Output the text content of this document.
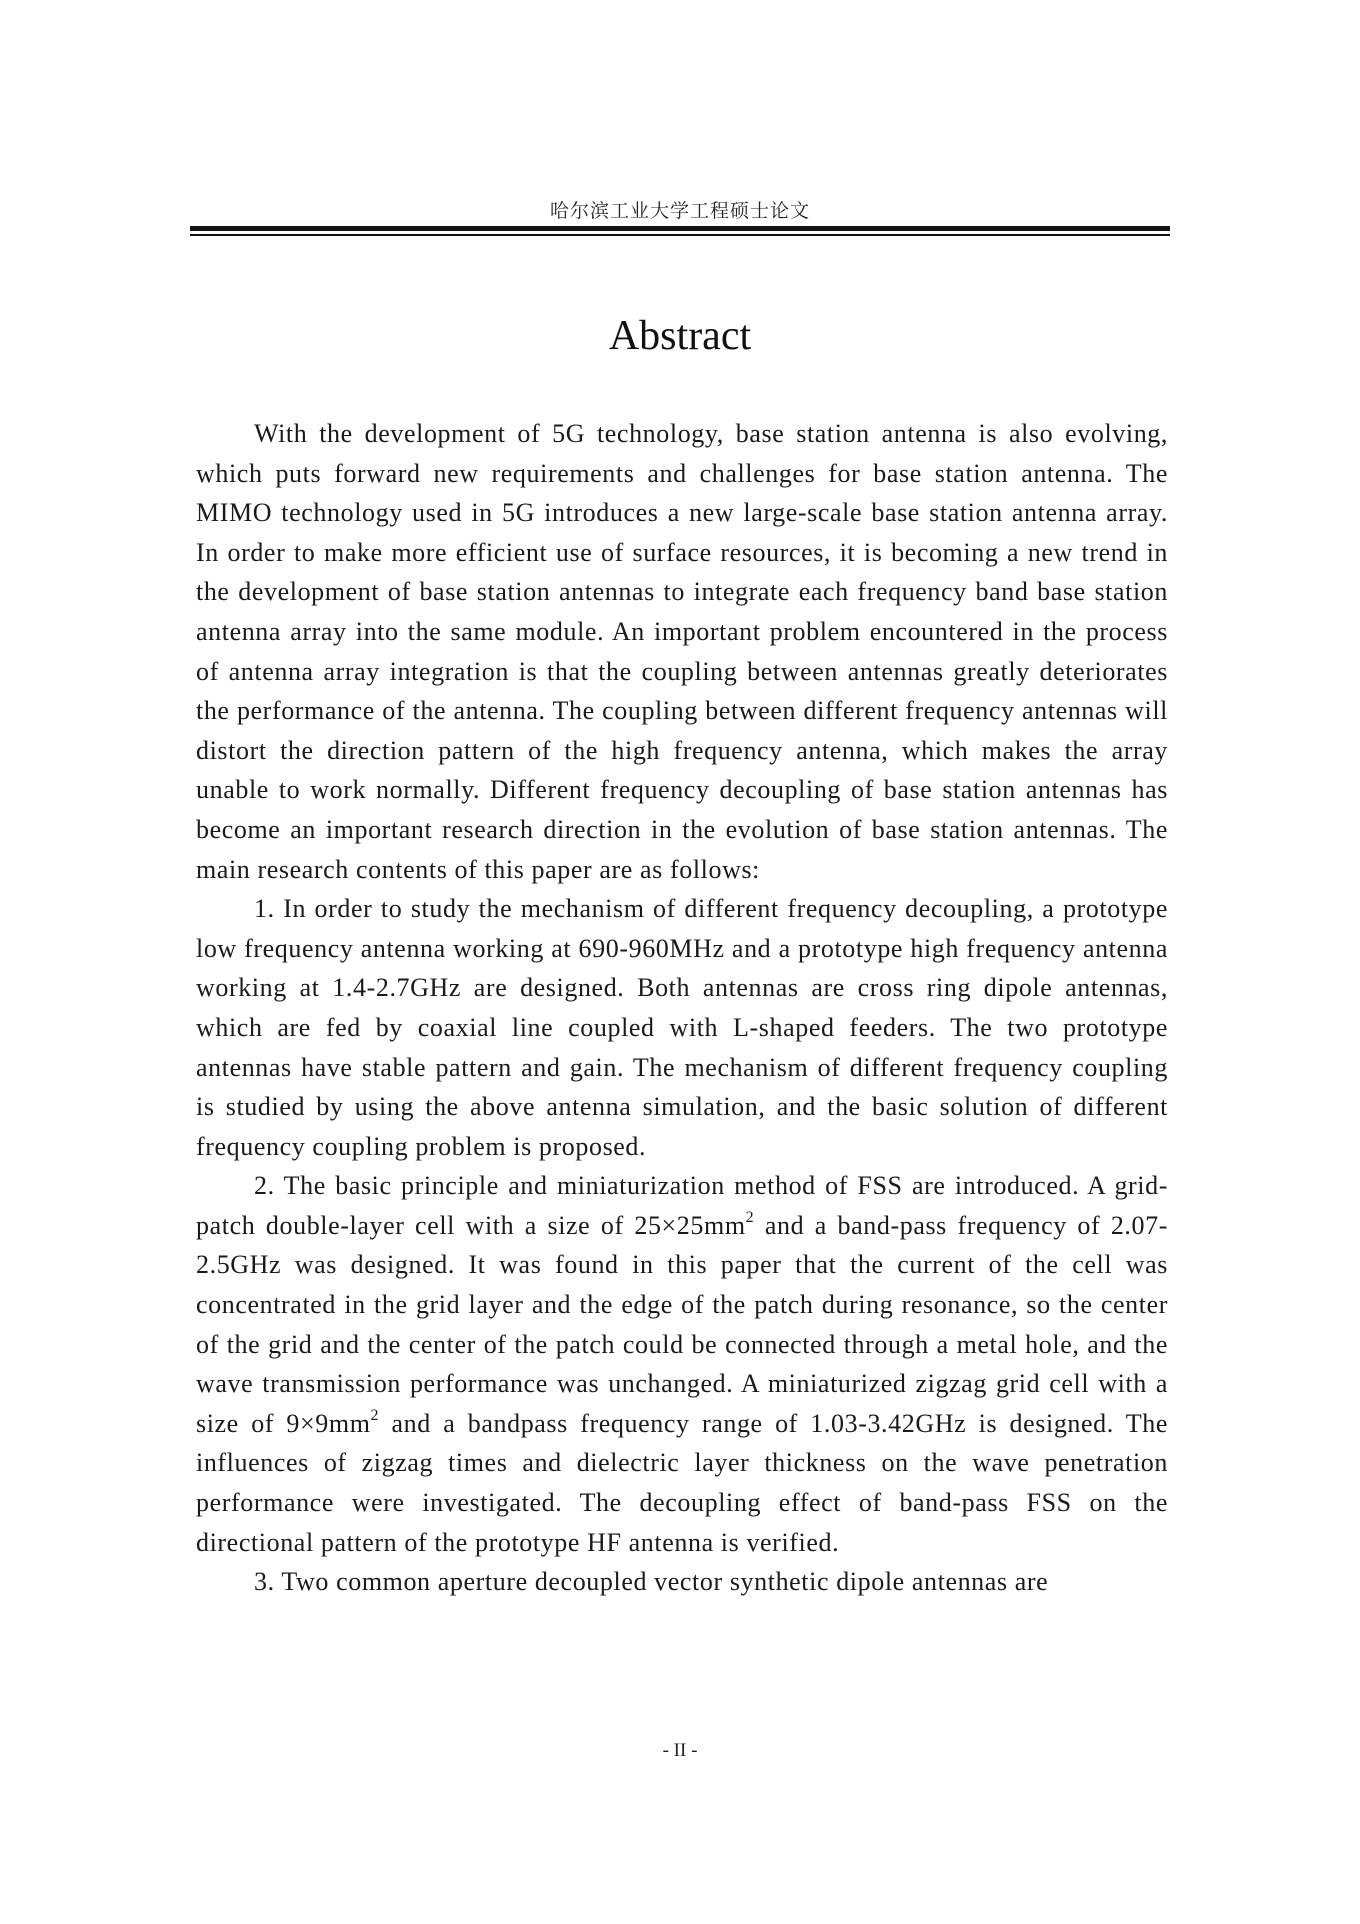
哈尔滨工业大学工程硕士论文
Abstract

With the development of 5G technology, base station antenna is also evolving, which puts forward new requirements and challenges for base station antenna. The MIMO technology used in 5G introduces a new large-scale base station antenna array. In order to make more efficient use of surface resources, it is becoming a new trend in the development of base station antennas to integrate each frequency band base station antenna array into the same module. An important problem encountered in the process of antenna array integration is that the coupling between antennas greatly deteriorates the performance of the antenna. The coupling between different frequency antennas will distort the direction pattern of the high frequency antenna, which makes the array unable to work normally. Different frequency decoupling of base station antennas has become an important research direction in the evolution of base station antennas. The main research contents of this paper are as follows:

1. In order to study the mechanism of different frequency decoupling, a prototype low frequency antenna working at 690-960MHz and a prototype high frequency antenna working at 1.4-2.7GHz are designed. Both antennas are cross ring dipole antennas, which are fed by coaxial line coupled with L-shaped feeders. The two prototype antennas have stable pattern and gain. The mechanism of different frequency coupling is studied by using the above antenna simulation, and the basic solution of different frequency coupling problem is proposed.

2. The basic principle and miniaturization method of FSS are introduced. A grid-patch double-layer cell with a size of $25\times 25mm^2$ and a band-pass frequency of 2.07-2.5GHz was designed. It was found in this paper that the current of the cell was concentrated in the grid layer and the edge of the patch during resonance, so the center of the grid and the center of the patch could be connected through a metal hole, and the wave transmission performance was unchanged. A miniaturized zigzag grid cell with a size of $9\times 9mm^2$ and a bandpass frequency range of 1.03-3.42GHz is designed. The influences of zigzag times and dielectric layer thickness on the wave penetration performance were investigated. The decoupling effect of band-pass FSS on the directional pattern of the prototype HF antenna is verified.

3. Two common aperture decoupled vector synthetic dipole antennas are

- II -
